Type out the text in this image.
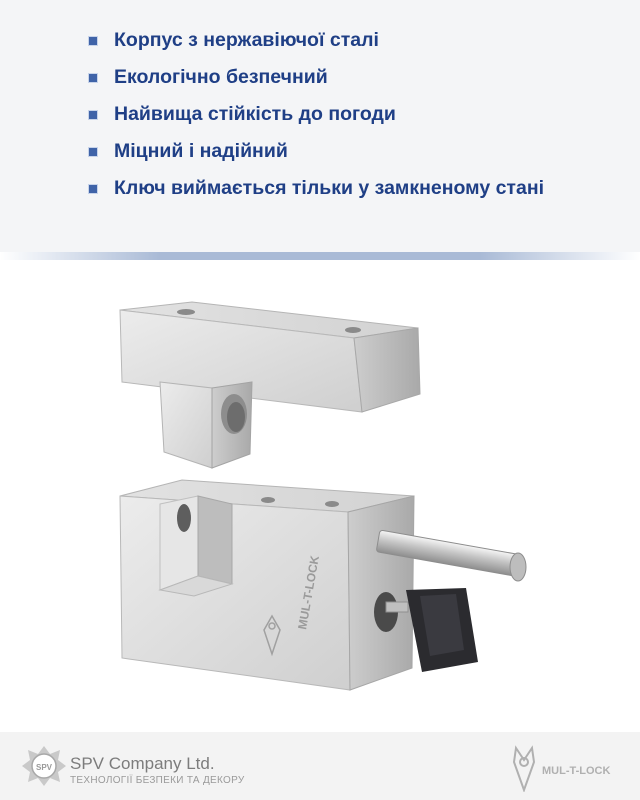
Корпус з нержавіючої сталі
Екологічно безпечний
Найвища стійкість до погоди
Міцний і надійний
Ключ виймається тільки у замкненому стані
MUL-T-LOCK
SPV SPV Company Ltd.
ТЕХНОЛОГІЇ БЕЗПЕКИ ТА ДЕКОРУ
MUL-T-LOCK
